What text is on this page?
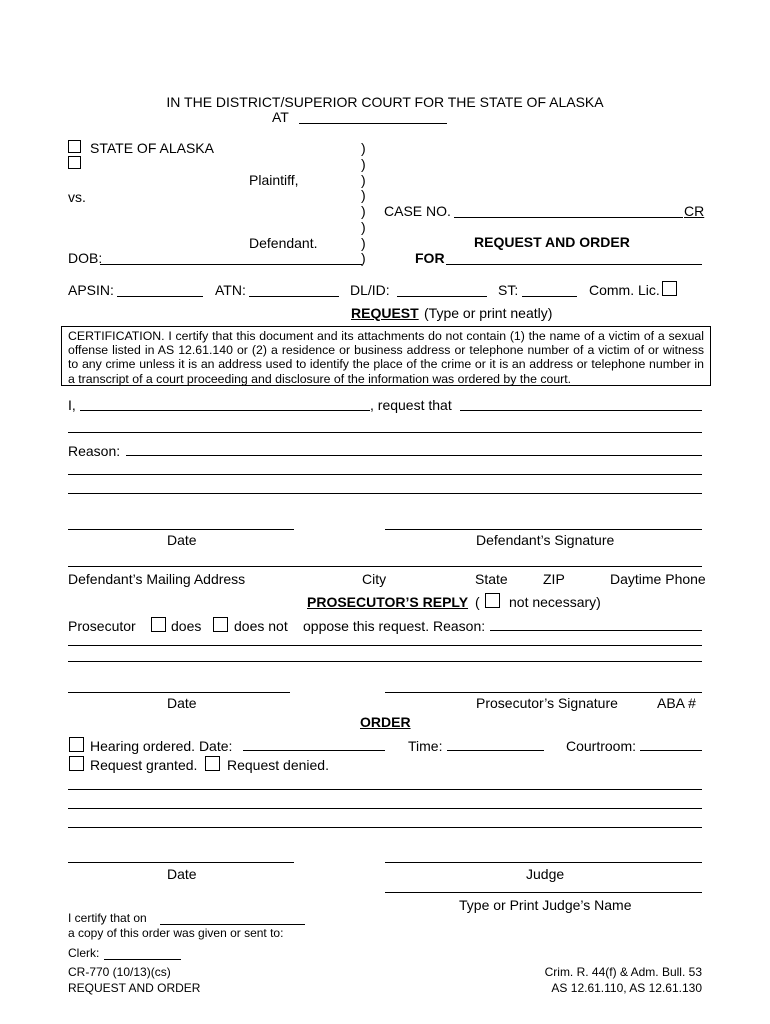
IN THE DISTRICT/SUPERIOR COURT FOR THE STATE OF ALASKA
AT
STATE OF ALASKA
Plaintiff,
vs.
Defendant.
DOB:
)
)
)
)
)
)
)
)
CASE NO.	CR
REQUEST AND ORDER
FOR
APSIN:	ATN:	DL/ID:	ST:	Comm. Lic.
REQUEST (Type or print neatly)
CERTIFICATION. I certify that this document and its attachments do not contain (1) the name of a victim of a sexual offense listed in AS 12.61.140 or (2) a residence or business address or telephone number of a victim of or witness to any crime unless it is an address used to identify the place of the crime or it is an address or telephone number in a transcript of a court proceeding and disclosure of the information was ordered by the court.
I,	, request that
Reason:
Date	Defendant’s Signature
Defendant’s Mailing Address	City	State	ZIP	Daytime Phone
PROSECUTOR’S REPLY ( not necessary)
Prosecutor	does does not oppose this request. Reason:
Date	Prosecutor’s Signature	ABA #
ORDER
Hearing ordered. Date:	Time:	Courtroom:
Request granted. Request denied.
Date	Judge
Type or Print Judge’s Name
I certify that on
a copy of this order was given or sent to:
Clerk:
CR-770 (10/13)(cs)
REQUEST AND ORDER
Crim. R. 44(f) & Adm. Bull. 53
AS 12.61.110, AS 12.61.130
